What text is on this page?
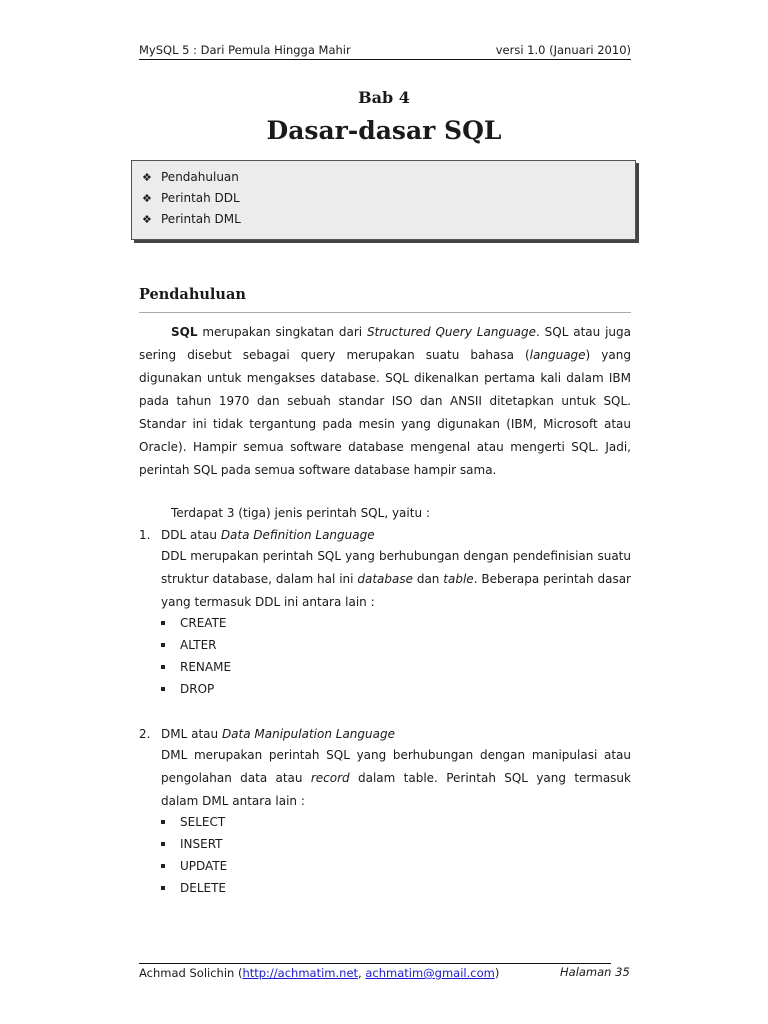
MySQL 5 : Dari Pemula Hingga Mahir	versi 1.0 (Januari 2010)
Bab 4
Dasar-dasar SQL
❖ Pendahuluan
❖ Perintah DDL
❖ Perintah DML
Pendahuluan
SQL merupakan singkatan dari Structured Query Language. SQL atau juga sering disebut sebagai query merupakan suatu bahasa (language) yang digunakan untuk mengakses database. SQL dikenalkan pertama kali dalam IBM pada tahun 1970 dan sebuah standar ISO dan ANSII ditetapkan untuk SQL. Standar ini tidak tergantung pada mesin yang digunakan (IBM, Microsoft atau Oracle). Hampir semua software database mengenal atau mengerti SQL. Jadi, perintah SQL pada semua software database hampir sama.
Terdapat 3 (tiga) jenis perintah SQL, yaitu :
1. DDL atau Data Definition Language
DDL merupakan perintah SQL yang berhubungan dengan pendefinisian suatu struktur database, dalam hal ini database dan table. Beberapa perintah dasar yang termasuk DDL ini antara lain :
CREATE
ALTER
RENAME
DROP
2. DML atau Data Manipulation Language
DML merupakan perintah SQL yang berhubungan dengan manipulasi atau pengolahan data atau record dalam table. Perintah SQL yang termasuk dalam DML antara lain :
SELECT
INSERT
UPDATE
DELETE
Achmad Solichin (http://achmatim.net, achmatim@gmail.com)	Halaman 35
